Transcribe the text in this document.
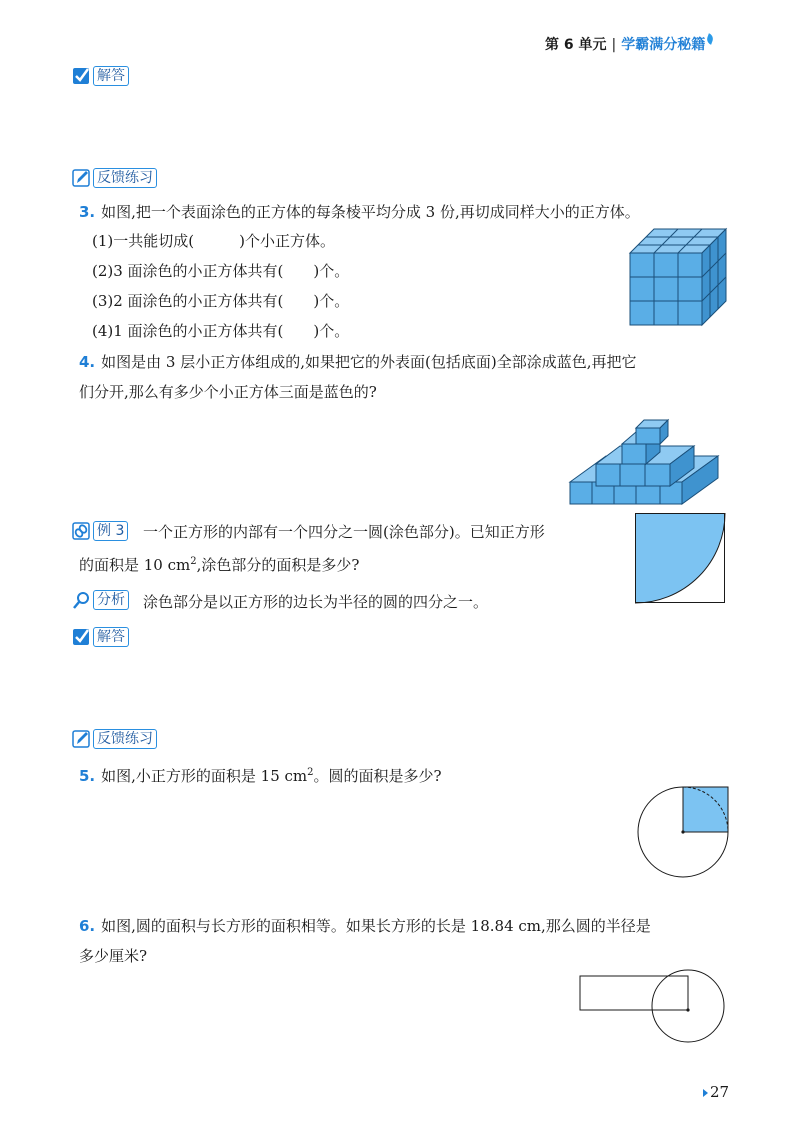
第 6 单元 | 学霸满分秘籍
解答
反馈练习
3. 如图,把一个表面涂色的正方体的每条棱平均分成 3 份,再切成同样大小的正方体。
(1)一共能切成(　　　)个小正方体。
(2)3 面涂色的小正方体共有(　　)个。
(3)2 面涂色的小正方体共有(　　)个。
(4)1 面涂色的小正方体共有(　　)个。
4. 如图是由 3 层小正方体组成的,如果把它的外表面(包括底面)全部涂成蓝色,再把它
们分开,那么有多少个小正方体三面是蓝色的?
例 3 一个正方形的内部有一个四分之一圆(涂色部分)。已知正方形
的面积是 10 $cm^2$,涂色部分的面积是多少?
分析 涂色部分是以正方形的边长为半径的圆的四分之一。
解答
反馈练习
5. 如图,小正方形的面积是 15 $cm^2$。圆的面积是多少?
6. 如图,圆的面积与长方形的面积相等。如果长方形的长是 18.84 cm,那么圆的半径是
多少厘米?
27
